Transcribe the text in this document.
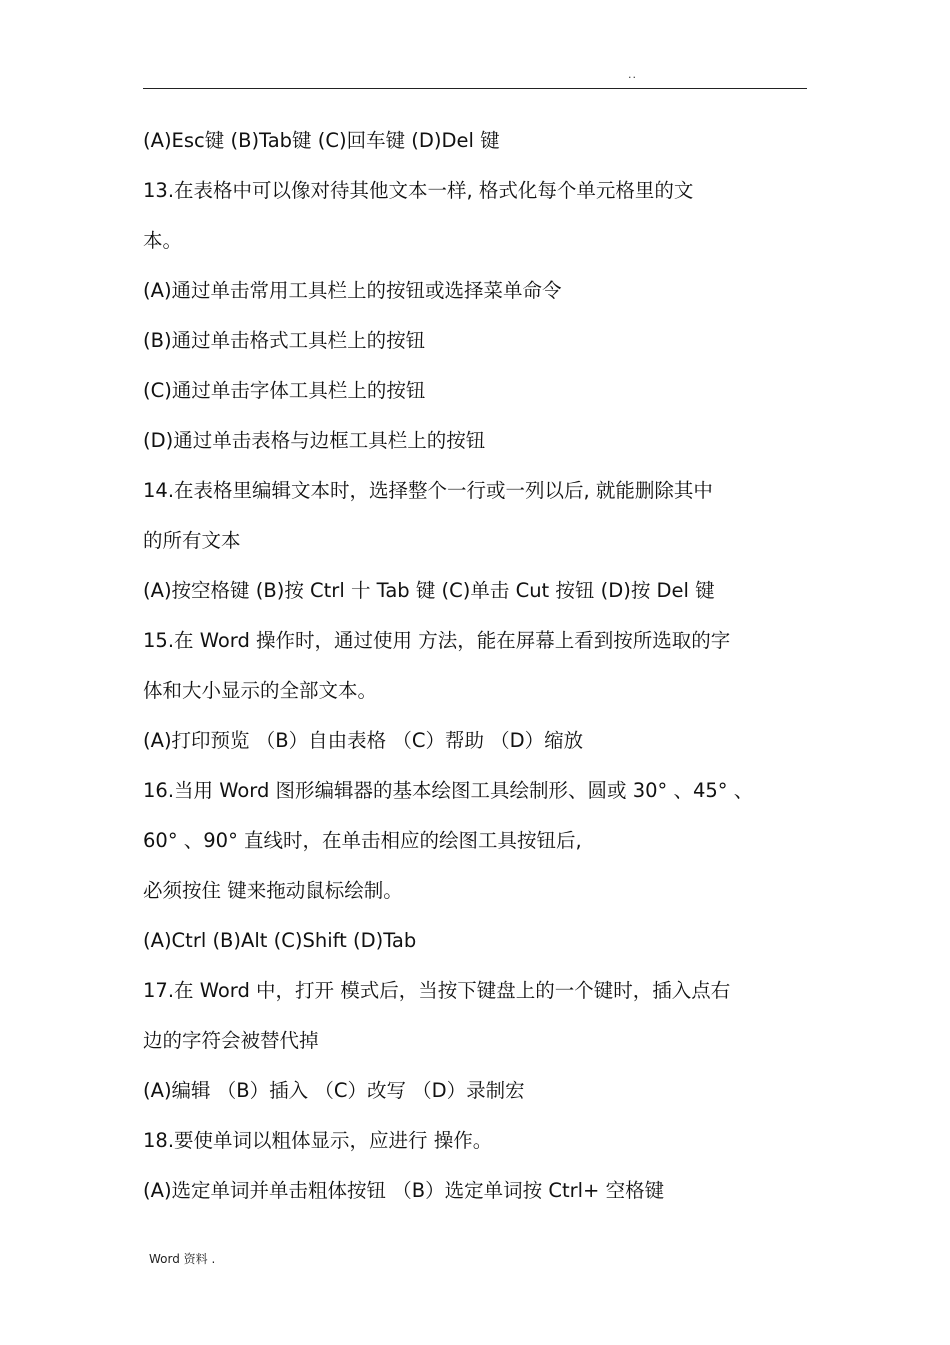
..
(A)Esc键 (B)Tab键 (C)回车键 (D)Del 键
13.在表格中可以像对待其他文本一样, 格式化每个单元格里的文
本。
(A)通过单击常用工具栏上的按钮或选择菜单命令
(B)通过单击格式工具栏上的按钮
(C)通过单击字体工具栏上的按钮
(D)通过单击表格与边框工具栏上的按钮
14.在表格里编辑文本时，选择整个一行或一列以后, 就能删除其中
的所有文本
(A)按空格键 (B)按 Ctrl 十 Tab 键 (C)单击 Cut 按钮 (D)按 Del 键
15.在 Word 操作时，通过使用 方法，能在屏幕上看到按所选取的字
体和大小显示的全部文本。
(A)打印预览 （B）自由表格 （C）帮助 （D）缩放
16.当用 Word 图形编辑器的基本绘图工具绘制形、圆或 30° 、45° 、
60° 、90° 直线时，在单击相应的绘图工具按钮后,
必须按住 键来拖动鼠标绘制。
(A)Ctrl (B)Alt (C)Shift (D)Tab
17.在 Word 中，打开 模式后，当按下键盘上的一个键时，插入点右
边的字符会被替代掉
(A)编辑 （B）插入 （C）改写 （D）录制宏
18.要使单词以粗体显示，应进行 操作。
(A)选定单词并单击粗体按钮 （B）选定单词按 Ctrl+ 空格键
Word 资料 .
